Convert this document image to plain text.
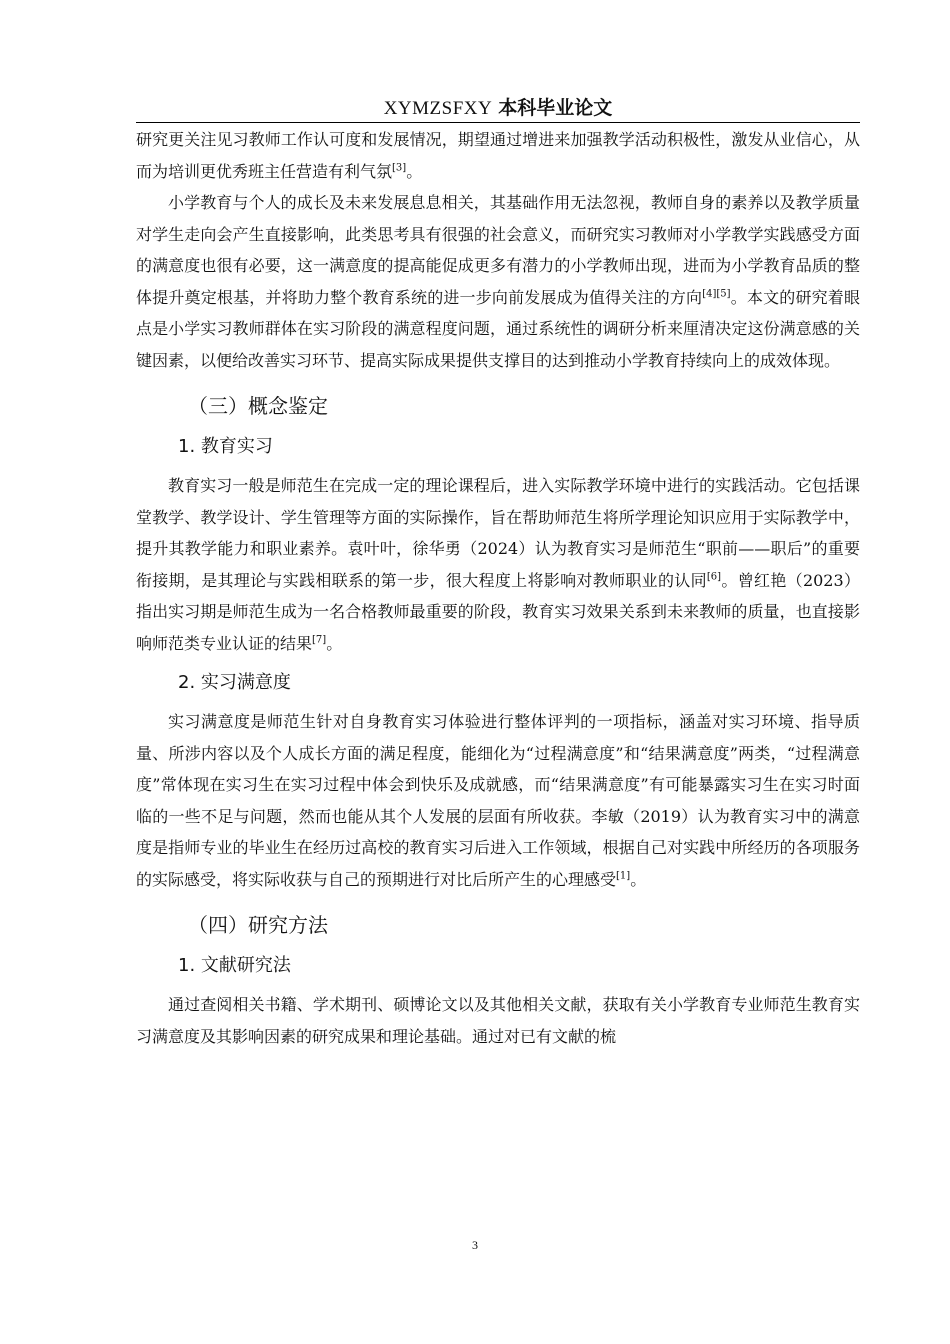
XYMZSFXY 本科毕业论文

研究更关注见习教师工作认可度和发展情况，期望通过增进来加强教学活动积极性，激发从业信心，从而为培训更优秀班主任营造有利气氛[3]。

小学教育与个人的成长及未来发展息息相关，其基础作用无法忽视，教师自身的素养以及教学质量对学生走向会产生直接影响，此类思考具有很强的社会意义，而研究实习教师对小学教学实践感受方面的满意度也很有必要，这一满意度的提高能促成更多有潜力的小学教师出现，进而为小学教育品质的整体提升奠定根基，并将助力整个教育系统的进一步向前发展成为值得关注的方向[4][5]。本文的研究着眼点是小学实习教师群体在实习阶段的满意程度问题，通过系统性的调研分析来厘清决定这份满意感的关键因素，以便给改善实习环节、提高实际成果提供支撑目的达到推动小学教育持续向上的成效体现。

（三）概念鉴定
1. 教育实习

教育实习一般是师范生在完成一定的理论课程后，进入实际教学环境中进行的实践活动。它包括课堂教学、教学设计、学生管理等方面的实际操作，旨在帮助师范生将所学理论知识应用于实际教学中，提升其教学能力和职业素养。袁叶叶，徐华勇（2024）认为教育实习是师范生“职前——职后”的重要衔接期，是其理论与实践相联系的第一步，很大程度上将影响对教师职业的认同[6]。曾红艳（2023）指出实习期是师范生成为一名合格教师最重要的阶段，教育实习效果关系到未来教师的质量，也直接影响师范类专业认证的结果[7]。

2. 实习满意度

实习满意度是师范生针对自身教育实习体验进行整体评判的一项指标，涵盖对实习环境、指导质量、所涉内容以及个人成长方面的满足程度，能细化为“过程满意度”和“结果满意度”两类，“过程满意度”常体现在实习生在实习过程中体会到快乐及成就感，而“结果满意度”有可能暴露实习生在实习时面临的一些不足与问题，然而也能从其个人发展的层面有所收获。李敏（2019）认为教育实习中的满意度是指师专业的毕业生在经历过高校的教育实习后进入工作领域，根据自己对实践中所经历的各项服务的实际感受，将实际收获与自己的预期进行对比后所产生的心理感受[1]。

（四）研究方法
1. 文献研究法

通过查阅相关书籍、学术期刊、硕博论文以及其他相关文献，获取有关小学教育专业师范生教育实习满意度及其影响因素的研究成果和理论基础。通过对已有文献的梳

3
